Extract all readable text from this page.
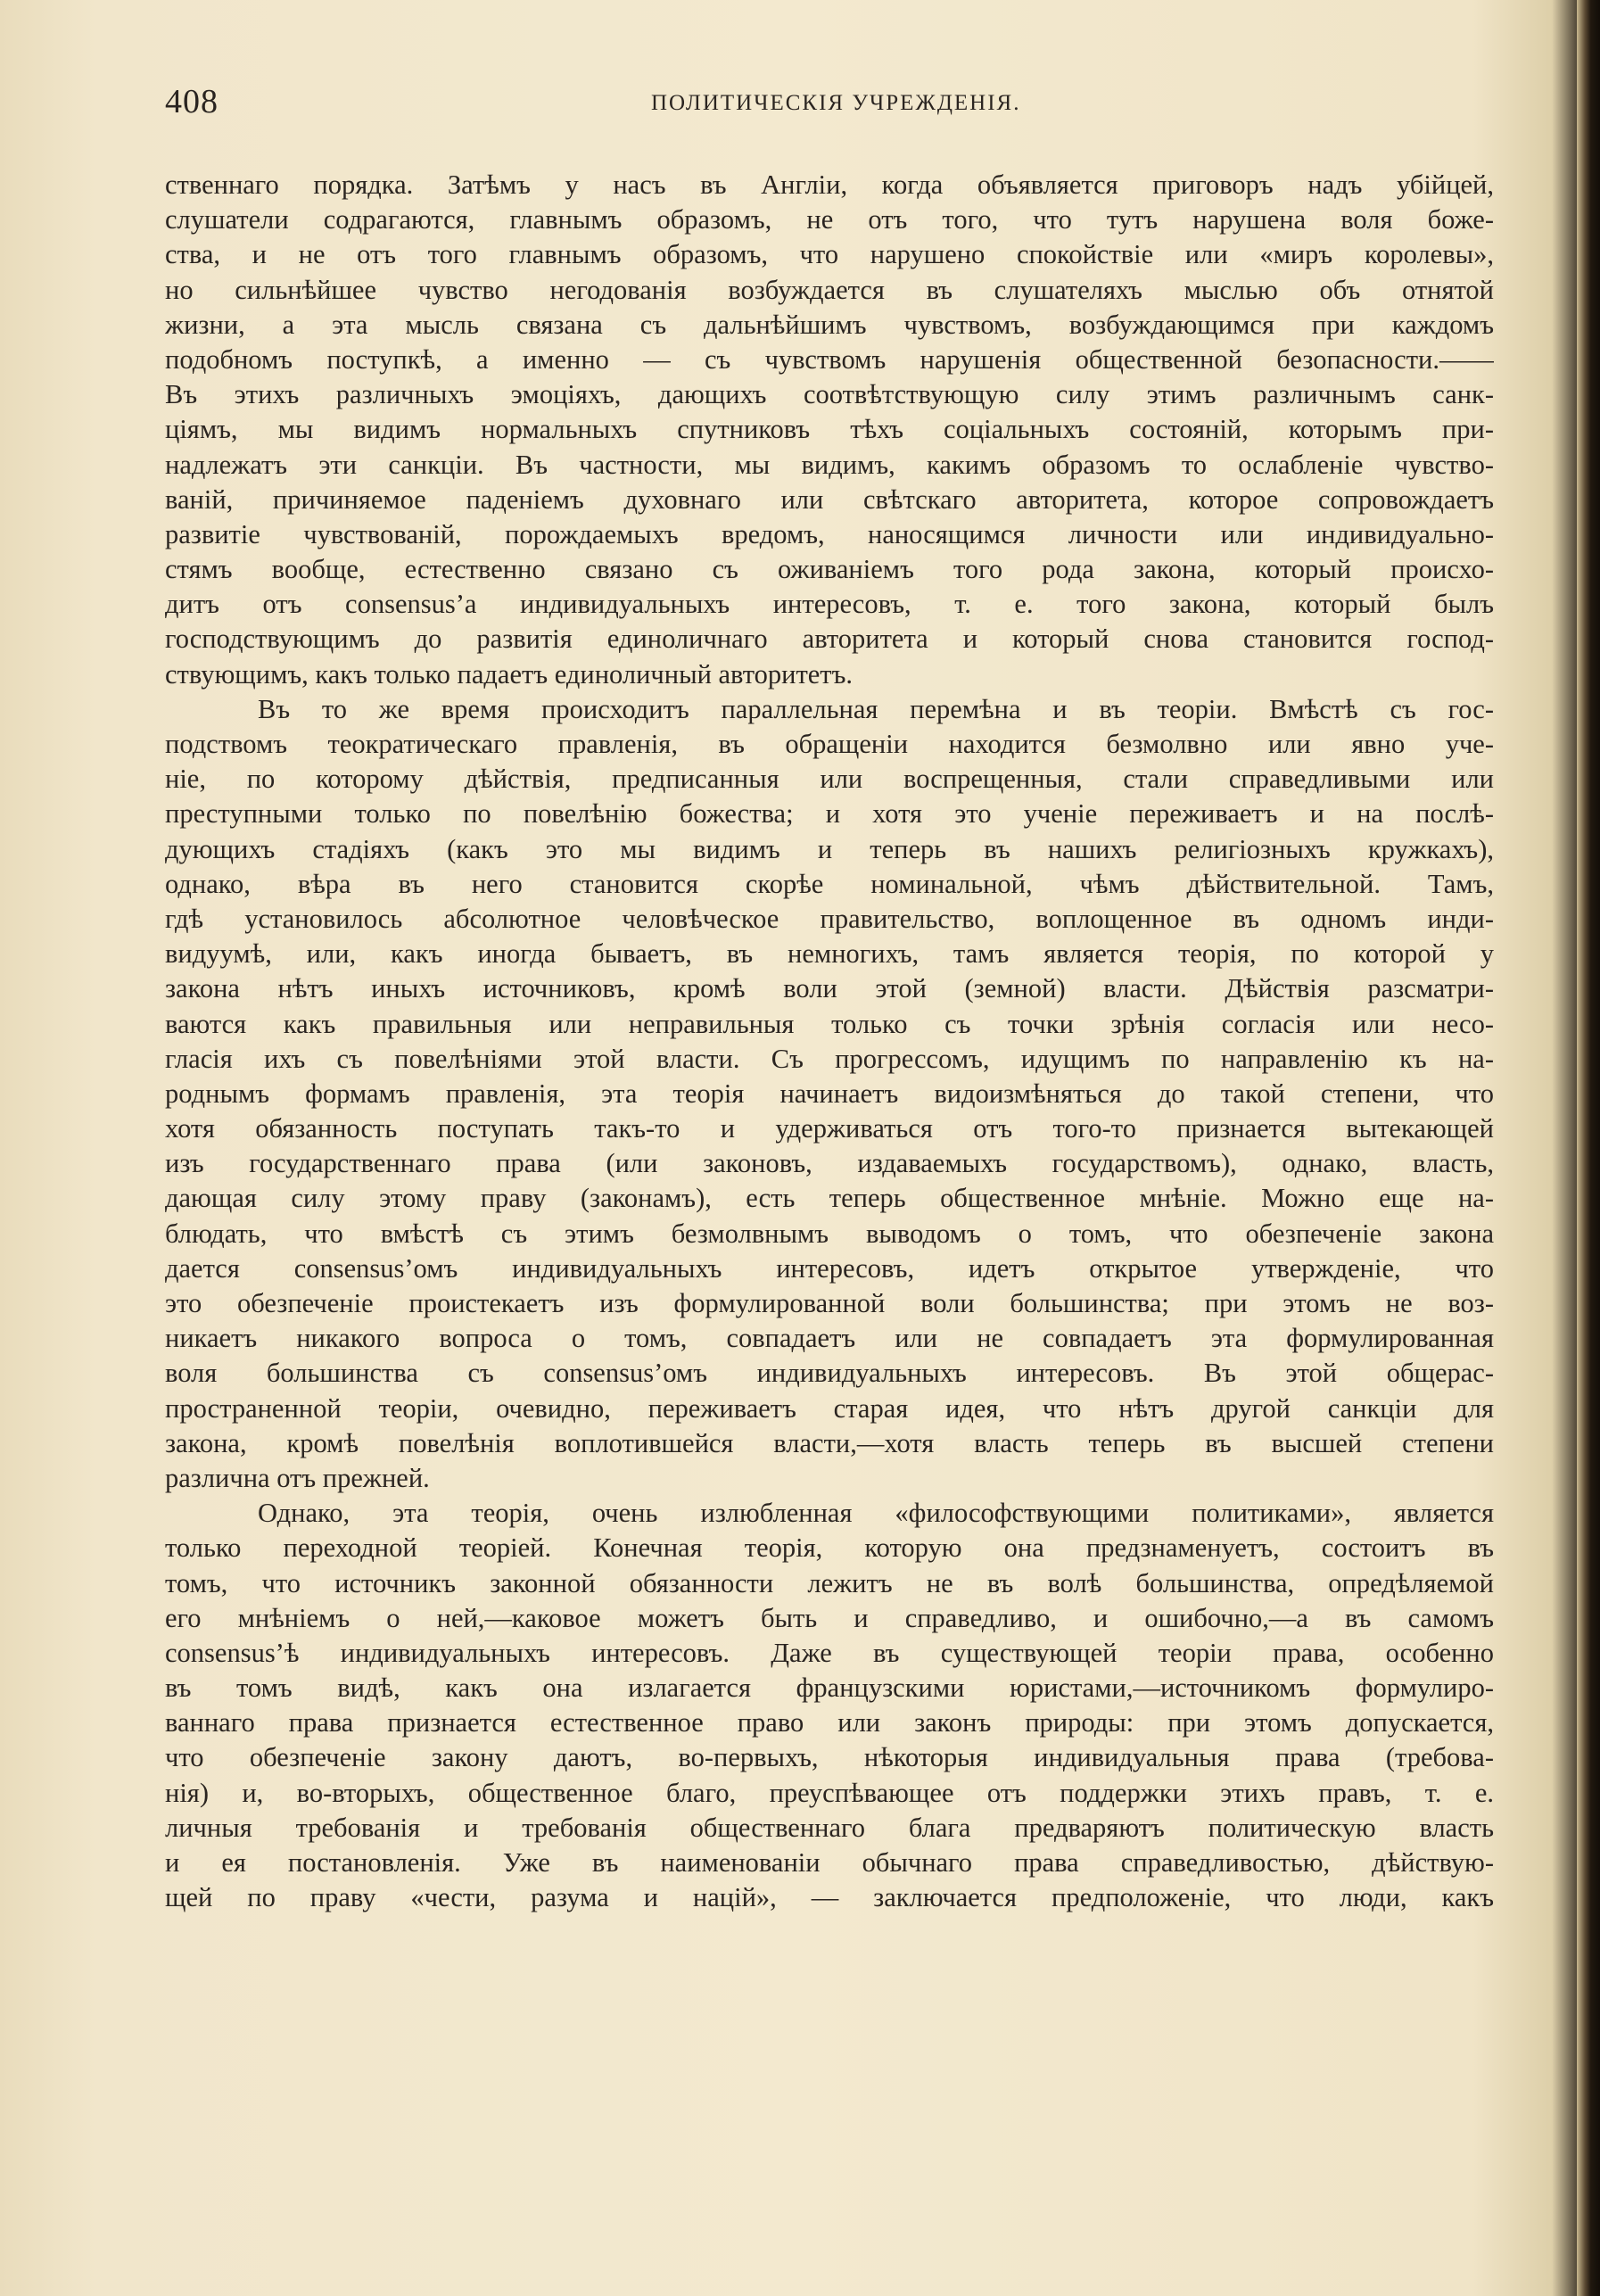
408	ПОЛИТИЧЕСКІЯ УЧРЕЖДЕНІЯ.
ственнаго порядка. Затѣмъ у насъ въ Англіи, когда объявляется приговоръ надъ убійцей,
слушатели содрагаются, главнымъ образомъ, не отъ того, что тутъ нарушена воля боже-
ства, и не отъ того главнымъ образомъ, что нарушено спокойствіе или «миръ королевы»,
но сильнѣйшее чувство негодованія возбуждается въ слушателяхъ мыслью объ отнятой
жизни, а эта мысль связана съ дальнѣйшимъ чувствомъ, возбуждающимся при каждомъ
подобномъ поступкѣ, а именно — съ чувствомъ нарушенія общественной безопасности.——
Въ этихъ различныхъ эмоціяхъ, дающихъ соотвѣтствующую силу этимъ различнымъ санк-
ціямъ, мы видимъ нормальныхъ спутниковъ тѣхъ соціальныхъ состояній, которымъ при-
надлежатъ эти санкціи. Въ частности, мы видимъ, какимъ образомъ то ослабленіе чувство-
ваній, причиняемое паденіемъ духовнаго или свѣтскаго авторитета, которое сопровождаетъ
развитіе чувствованій, порождаемыхъ вредомъ, наносящимся личности или индивидуально-
стямъ вообще, естественно связано съ оживаніемъ того рода закона, который происхо-
дитъ отъ consensus’а индивидуальныхъ интересовъ, т. е. того закона, который былъ
господствующимъ до развитія единоличнаго авторитета и который снова становится господ-
ствующимъ, какъ только падаетъ единоличный авторитетъ.
Въ то же время происходитъ параллельная перемѣна и въ теоріи. Вмѣстѣ съ гос-
подствомъ теократическаго правленія, въ обращеніи находится безмолвно или явно уче-
ніе, по которому дѣйствія, предписанныя или воспрещенныя, стали справедливыми или
преступными только по повелѣнію божества; и хотя это ученіе переживаетъ и на послѣ-
дующихъ стадіяхъ (какъ это мы видимъ и теперь въ нашихъ религіозныхъ кружкахъ),
однако, вѣра въ него становится скорѣе номинальной, чѣмъ дѣйствительной. Тамъ,
гдѣ установилось абсолютное человѣческое правительство, воплощенное въ одномъ инди-
видуумѣ, или, какъ иногда бываетъ, въ немногихъ, тамъ является теорія, по которой у
закона нѣтъ иныхъ источниковъ, кромѣ воли этой (земной) власти. Дѣйствія разсматри-
ваются какъ правильныя или неправильныя только съ точки зрѣнія согласія или несо-
гласія ихъ съ повелѣніями этой власти. Съ прогрессомъ, идущимъ по направленію къ на-
роднымъ формамъ правленія, эта теорія начинаетъ видоизмѣняться до такой степени, что
хотя обязанность поступать такъ-то и удерживаться отъ того-то признается вытекающей
изъ государственнаго права (или законовъ, издаваемыхъ государствомъ), однако, власть,
дающая силу этому праву (законамъ), есть теперь общественное мнѣніе. Можно еще на-
блюдать, что вмѣстѣ съ этимъ безмолвнымъ выводомъ о томъ, что обезпеченіе закона
дается consensus’омъ индивидуальныхъ интересовъ, идетъ открытое утвержденіе, что
это обезпеченіе проистекаетъ изъ формулированной воли большинства; при этомъ не воз-
никаетъ никакого вопроса о томъ, совпадаетъ или не совпадаетъ эта формулированная
воля большинства съ consensus’омъ индивидуальныхъ интересовъ. Въ этой общерас-
пространенной теоріи, очевидно, переживаетъ старая идея, что нѣтъ другой санкціи для
закона, кромѣ повелѣнія воплотившейся власти,—хотя власть теперь въ высшей степени
различна отъ прежней.
Однако, эта теорія, очень излюбленная «философствующими политиками», является
только переходной теоріей. Конечная теорія, которую она предзнаменуетъ, состоитъ въ
томъ, что источникъ законной обязанности лежитъ не въ волѣ большинства, опредѣляемой
его мнѣніемъ о ней,—каковое можетъ быть и справедливо, и ошибочно,—а въ самомъ
consensus’ѣ индивидуальныхъ интересовъ. Даже въ существующей теоріи права, особенно
въ томъ видѣ, какъ она излагается французскими юристами,—источникомъ формулиро-
ваннаго права признается естественное право или законъ природы: при этомъ допускается,
что обезпеченіе закону даютъ, во-первыхъ, нѣкоторыя индивидуальныя права (требова-
нія) и, во-вторыхъ, общественное благо, преуспѣвающее отъ поддержки этихъ правъ, т. е.
личныя требованія и требованія общественнаго блага предваряютъ политическую власть
и ея постановленія. Уже въ наименованіи обычнаго права справедливостью, дѣйствую-
щей по праву «чести, разума и націй», — заключается предположеніе, что люди, какъ
